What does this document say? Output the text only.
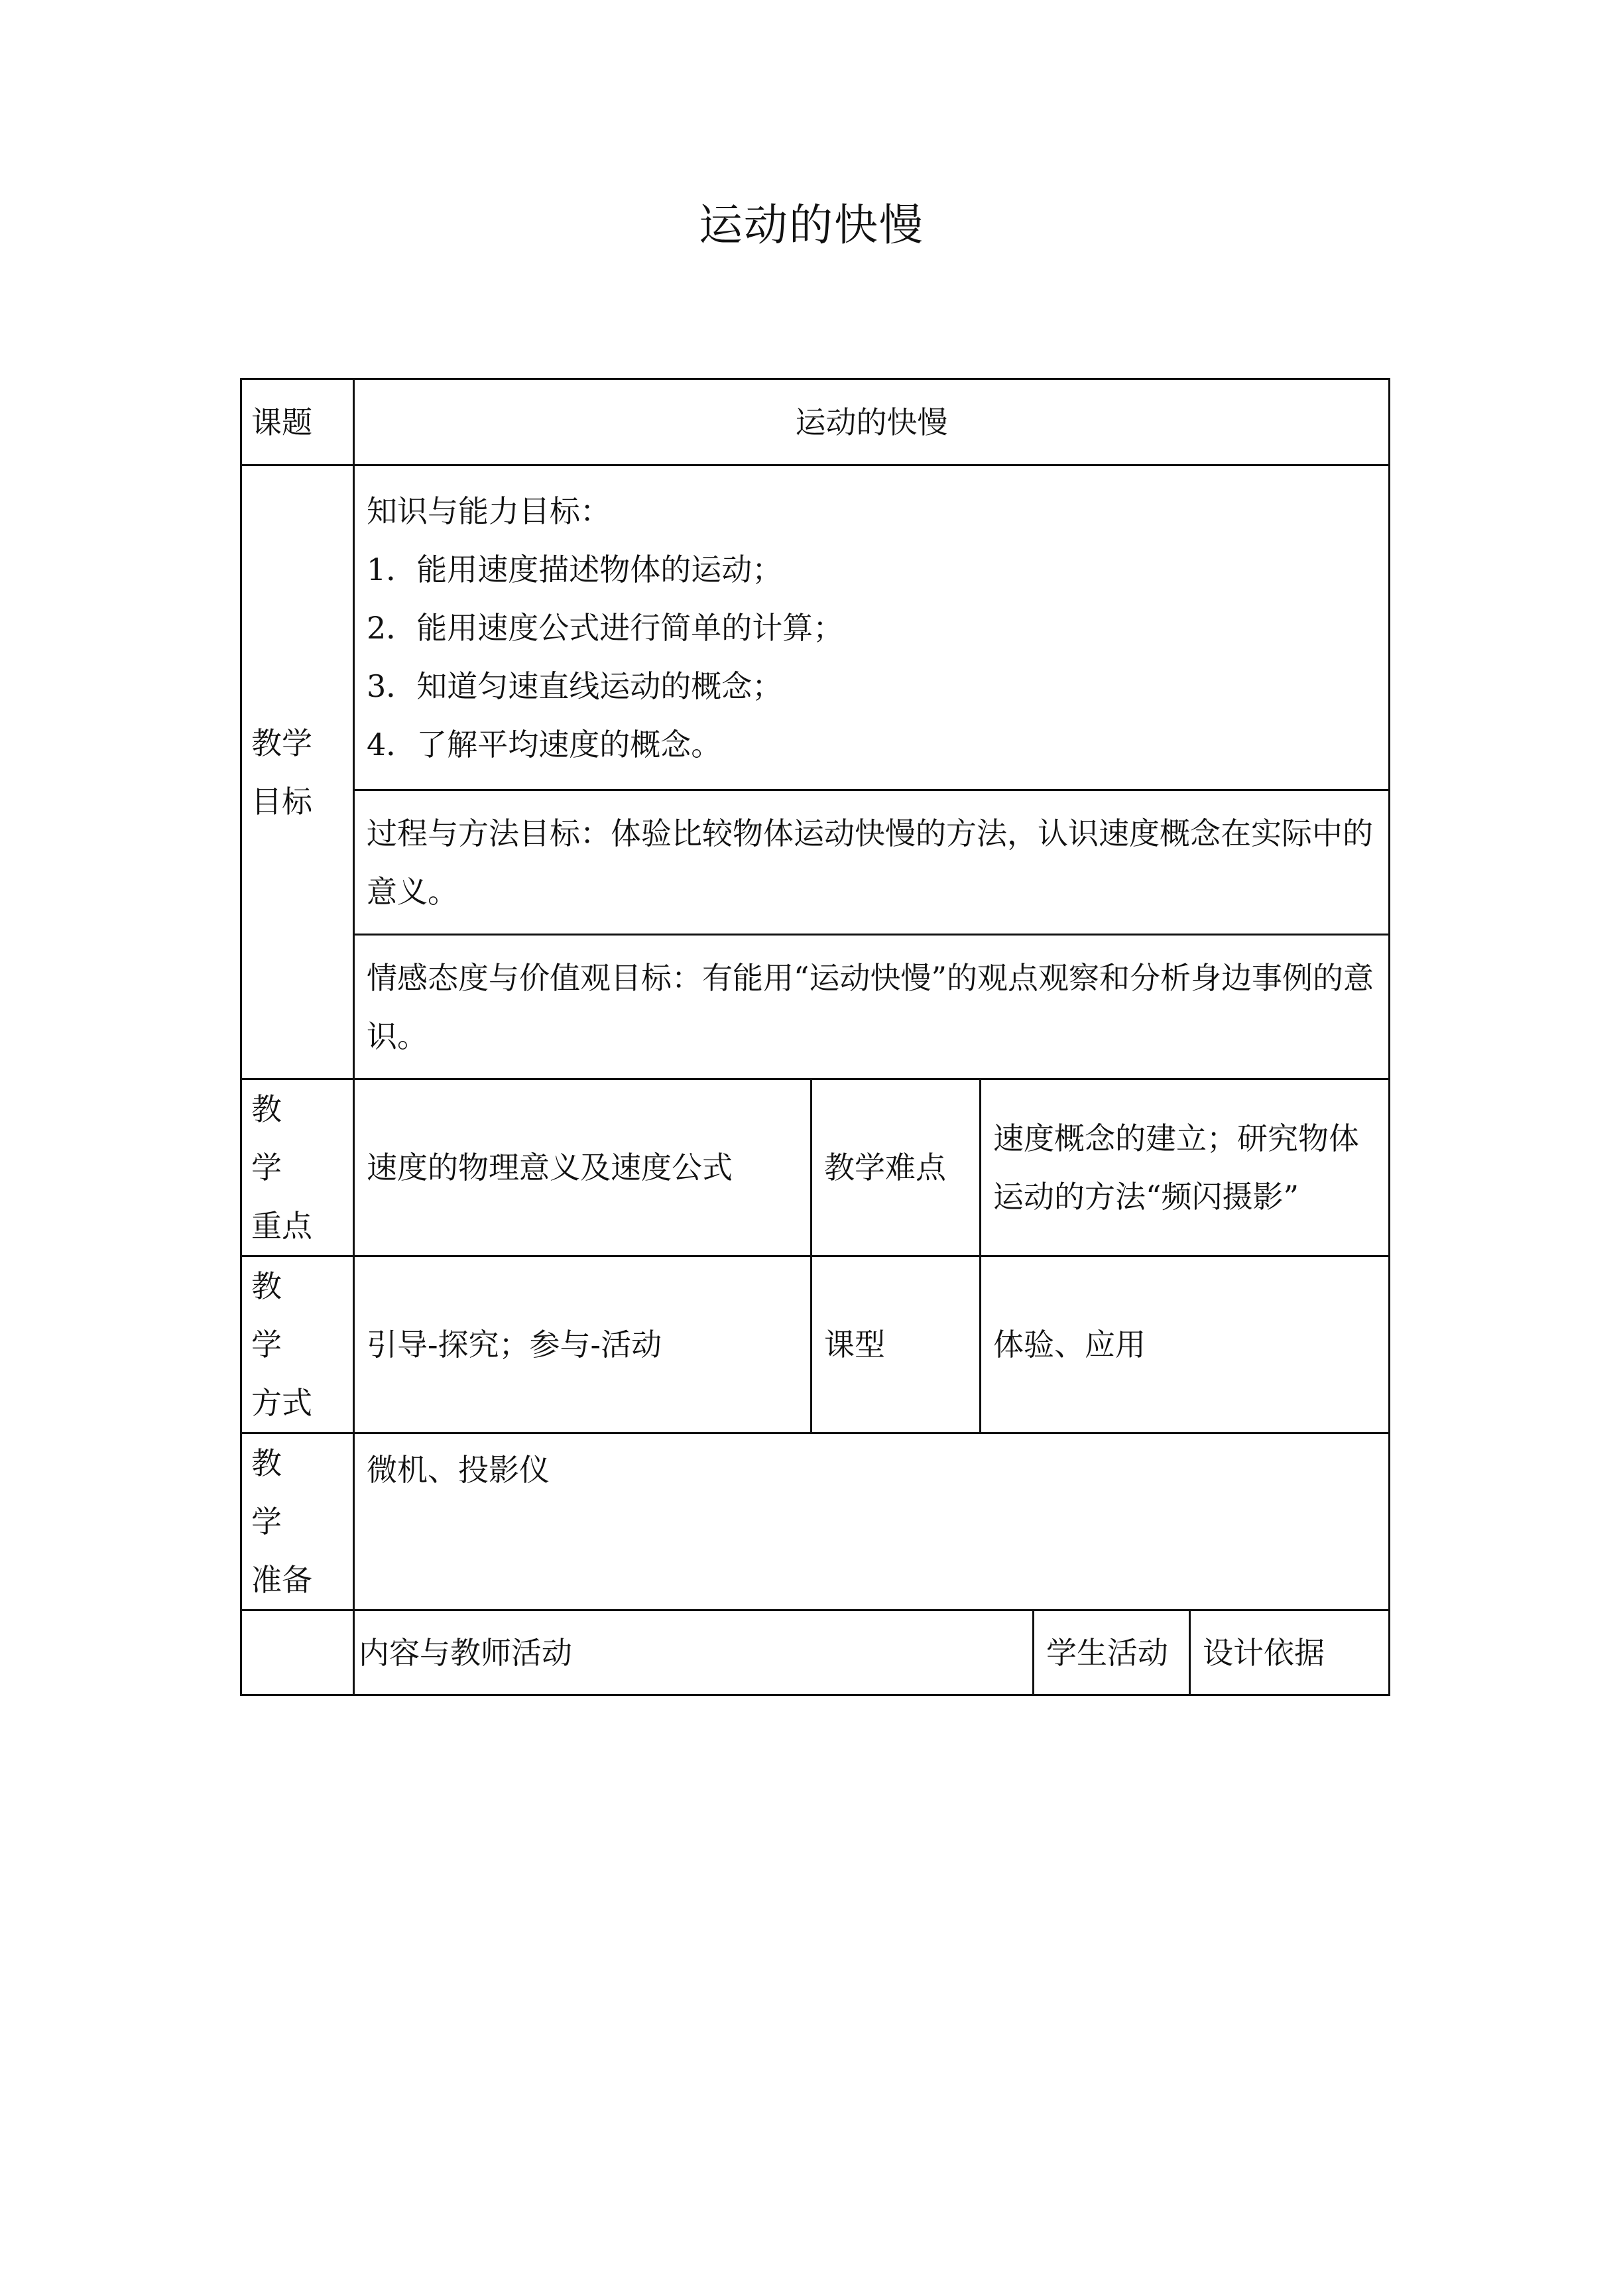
运动的快慢
课题	运动的快慢				

教学
目标	知识与能力目标：
1．能用速度描述物体的运动；
2．能用速度公式进行简单的计算；
3．知道匀速直线运动的概念；
4．了解平均速度的概念。				

	过程与方法目标：体验比较物体运动快慢的方法，认识速度概念在实际中的意义。				
	情感态度与价值观目标：有能用“运动快慢”的观点观察和分析身边事例的意识。				

教学
重点	速度的物理意义及速度公式	教学难点	速度概念的建立；研究物体运动的方法“频闪摄影”		

教学
方式	引导-探究；参与-活动	课型	体验、应用		

教学
准备	微机、投影仪				
	内容与教师活动			学生活动	设计依据
